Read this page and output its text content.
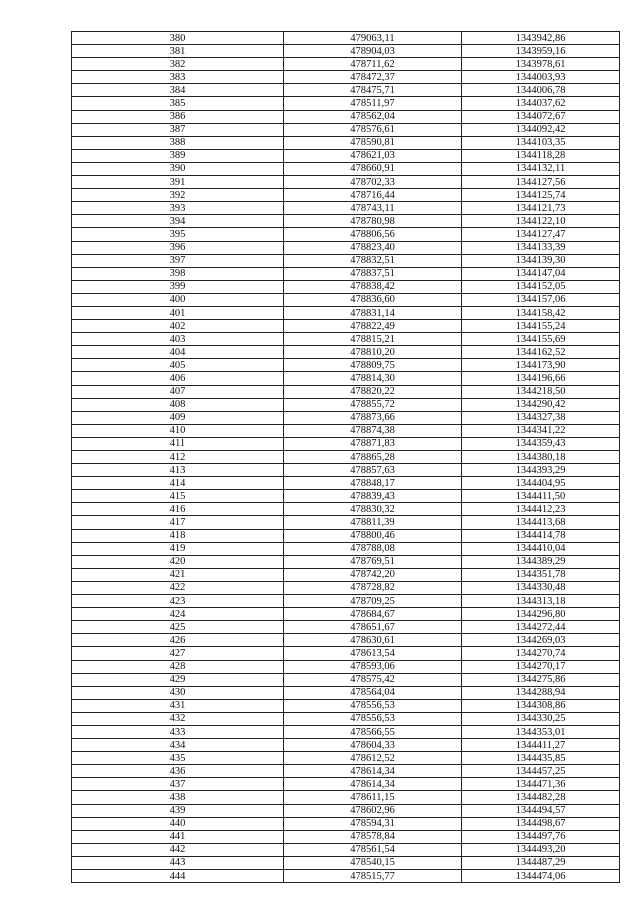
380	479063,11	1343942,86
381	478904,03	1343959,16
382	478711,62	1343978,61
383	478472,37	1344003,93
384	478475,71	1344006,78
385	478511,97	1344037,62
386	478562,04	1344072,67
387	478576,61	1344092,42
388	478590,81	1344103,35
389	478621,03	1344118,28
390	478660,91	1344132,11
391	478702,33	1344127,56
392	478716,44	1344125,74
393	478743,11	1344121,73
394	478780,98	1344122,10
395	478806,56	1344127,47
396	478823,40	1344133,39
397	478832,51	1344139,30
398	478837,51	1344147,04
399	478838,42	1344152,05
400	478836,60	1344157,06
401	478831,14	1344158,42
402	478822,49	1344155,24
403	478815,21	1344155,69
404	478810,20	1344162,52
405	478809,75	1344173,90
406	478814,30	1344196,66
407	478820,22	1344218,50
408	478855,72	1344290,42
409	478873,66	1344327,38
410	478874,38	1344341,22
411	478871,83	1344359,43
412	478865,28	1344380,18
413	478857,63	1344393,29
414	478848,17	1344404,95
415	478839,43	1344411,50
416	478830,32	1344412,23
417	478811,39	1344413,68
418	478800,46	1344414,78
419	478788,08	1344410,04
420	478769,51	1344389,29
421	478742,20	1344351,78
422	478728,82	1344330,48
423	478709,25	1344313,18
424	478684,67	1344296,80
425	478651,67	1344272,44
426	478630,61	1344269,03
427	478613,54	1344270,74
428	478593,06	1344270,17
429	478575,42	1344275,86
430	478564,04	1344288,94
431	478556,53	1344308,86
432	478556,53	1344330,25
433	478566,55	1344353,01
434	478604,33	1344411,27
435	478612,52	1344435,85
436	478614,34	1344457,25
437	478614,34	1344471,36
438	478611,15	1344482,28
439	478602,96	1344494,57
440	478594,31	1344498,67
441	478578,84	1344497,76
442	478561,54	1344493,20
443	478540,15	1344487,29
444	478515,77	1344474,06
